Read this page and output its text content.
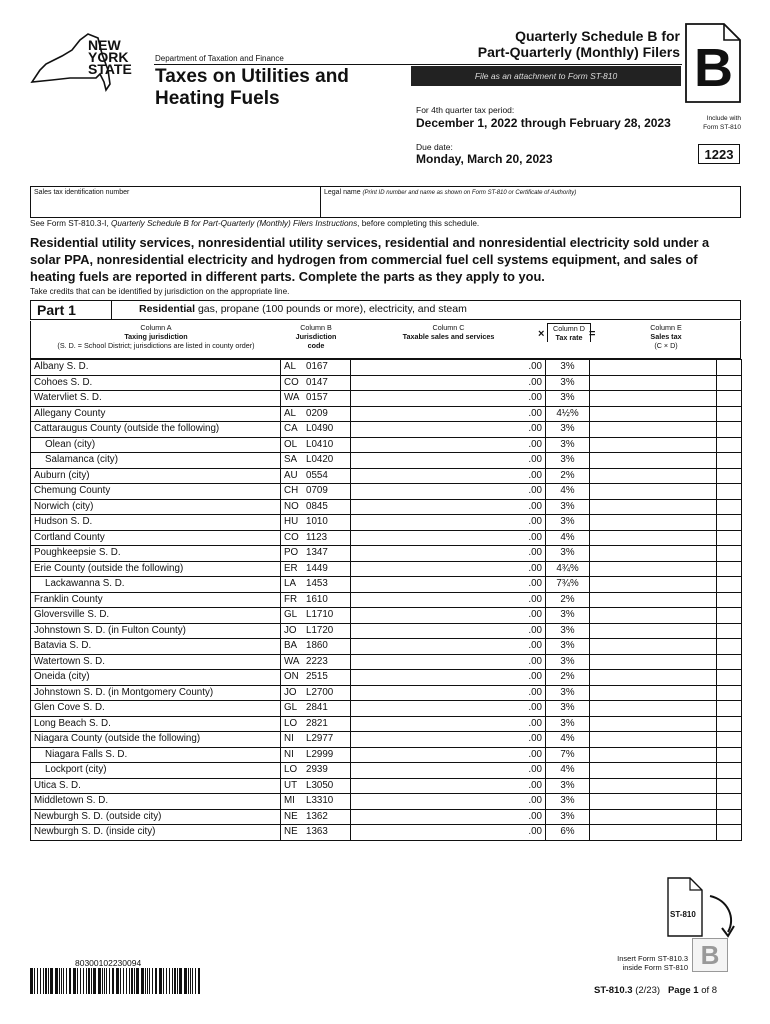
NEW
YORK
STATE
Department of Taxation and Finance
Taxes on Utilities and
Heating Fuels
Quarterly Schedule B for
Part-Quarterly (Monthly) Filers
File as an attachment to Form ST-810	B
For 4th quarter tax period:
December 1, 2022 through February 28, 2023
Due date:
Monday, March 20, 2023
Include with
Form ST-810
1223
Sales tax identification number	Legal name (Print ID number and name as shown on Form ST-810 or Certificate of Authority)
See Form ST-810.3-I, Quarterly Schedule B for Part-Quarterly (Monthly) Filers Instructions, before completing this schedule.
Residential utility services, nonresidential utility services, residential and nonresidential electricity sold under a solar PPA, nonresidential electricity and hydrogen from commercial fuel cell systems equipment, and sales of heating fuels are reported in different parts. Complete the parts as they apply to you.
Take credits that can be identified by jurisdiction on the appropriate line.
Part 1	Residential gas, propane (100 pounds or more), electricity, and steam
Column A
Taxing jurisdiction
(S. D. = School District; jurisdictions are listed in county order)
Column B
Jurisdiction
code
Column C
Taxable sales and services	×	Column D
Tax rate =
Column E
Sales tax
(C × D)
Albany S. D.	AL 0167	.00	3%		
Cohoes S. D.	CO 0147	.00	3%		
Watervliet S. D.	WA 0157	.00	3%		
Allegany County	AL 0209	.00	4½%		
Cattaraugus County (outside the following)	CA L0490	.00	3%		
Olean (city)	OL L0410	.00	3%		
Salamanca (city)	SA L0420	.00	3%		
Auburn (city)	AU 0554	.00	2%		
Chemung County	CH 0709	.00	4%		
Norwich (city)	NO 0845	.00	3%		
Hudson S. D.	HU 1010	.00	3%		
Cortland County	CO 1123	.00	4%		
Poughkeepsie S. D.	PO 1347	.00	3%		
Erie County (outside the following)	ER 1449	.00	4¾%		
Lackawanna S. D.	LA 1453	.00	7¾%		
Franklin County	FR 1610	.00	2%		
Gloversville S. D.	GL L1710	.00	3%		
Johnstown S. D. (in Fulton County)	JO L1720	.00	3%		
Batavia S. D.	BA 1860	.00	3%		
Watertown S. D.	WA 2223	.00	3%		
Oneida (city)	ON 2515	.00	2%		
Johnstown S. D. (in Montgomery County)	JO L2700	.00	3%		
Glen Cove S. D.	GL 2841	.00	3%		
Long Beach S. D.	LO 2821	.00	3%		
Niagara County (outside the following)	NI L2977	.00	4%		
Niagara Falls S. D.	NI L2999	.00	7%		
Lockport (city)	LO 2939	.00	4%		
Utica S. D.	UT L3050	.00	3%		
Middletown S. D.	MI L3310	.00	3%		
Newburgh S. D. (outside city)	NE 1362	.00	3%		
Newburgh S. D. (inside city)	NE 1363	.00	6%		
80300102230094
ST-810
B
Insert Form ST-810.3
inside Form ST-810
ST-810.3 (2/23)   Page 1 of 8
